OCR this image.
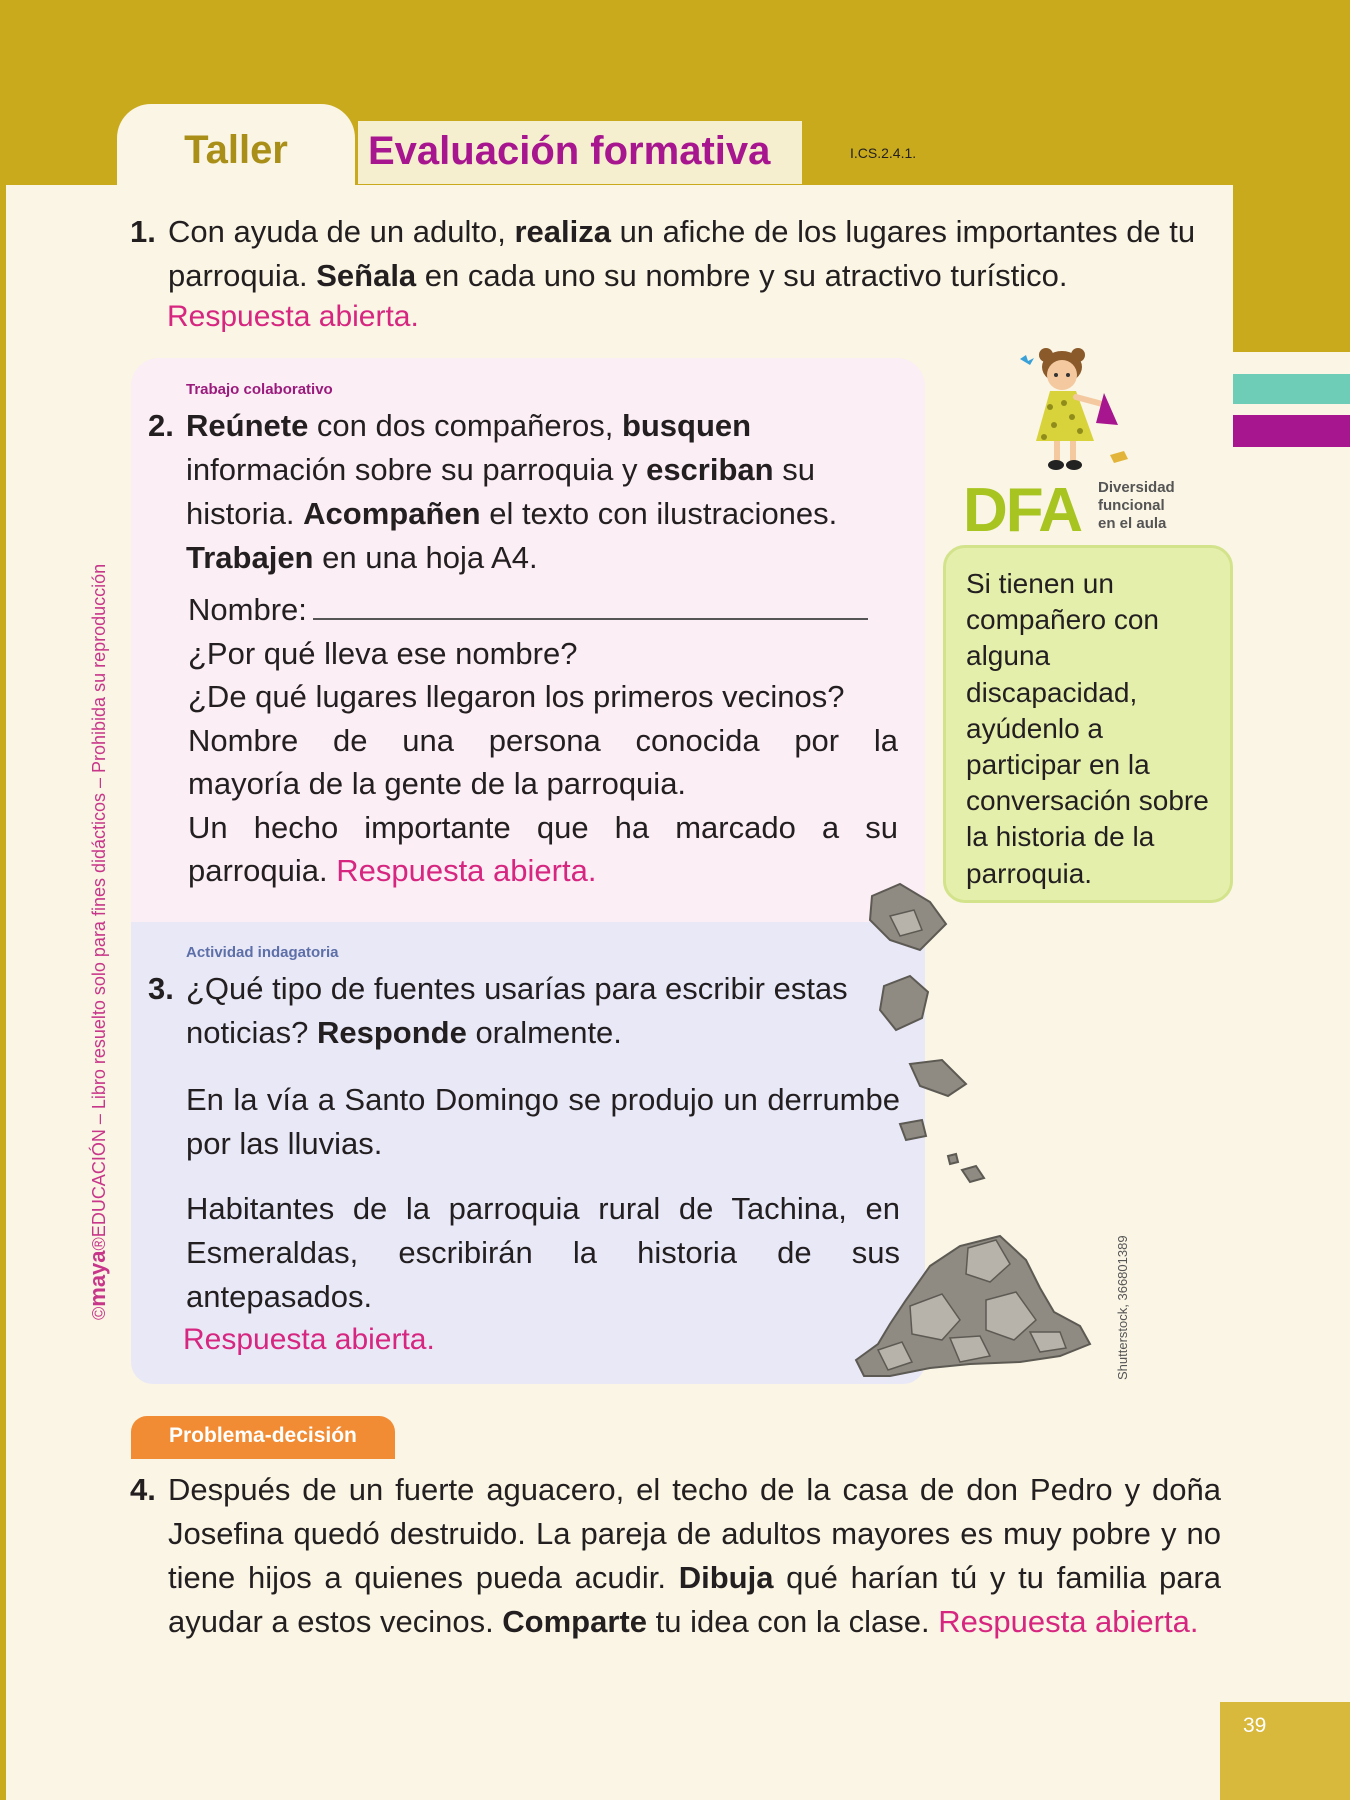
Taller	Evaluación formativa	I.CS.2.4.1.
©maya®EDUCACIÓN – Libro resuelto solo para fines didácticos – Prohibida su reproducción
1. Con ayuda de un adulto, realiza un afiche de los lugares importantes de tu parroquia. Señala en cada uno su nombre y su atractivo turístico.
Respuesta abierta.
Trabajo colaborativo
2. Reúnete con dos compañeros, busquen información sobre su parroquia y escriban su historia. Acompañen el texto con ilustraciones. Trabajen en una hoja A4.
Nombre:
¿Por qué lleva ese nombre?
¿De qué lugares llegaron los primeros vecinos?
Nombre de una persona conocida por la
mayoría de la gente de la parroquia.
Un hecho importante que ha marcado a su
parroquia. Respuesta abierta.
Actividad indagatoria
3. ¿Qué tipo de fuentes usarías para escribir estas noticias? Responde oralmente.
En la vía a Santo Domingo se produjo un derrumbe por las lluvias.
Habitantes de la parroquia rural de Tachina, en Esmeraldas, escribirán la historia de sus antepasados.
Respuesta abierta.
DFA Diversidad
funcional
en el aula
Si tienen un compañero con alguna discapacidad, ayúdenlo a participar en la conversación sobre la historia de la parroquia.
Shutterstock, 366801389
Problema-decisión
4. Después de un fuerte aguacero, el techo de la casa de don Pedro y doña Josefina quedó destruido. La pareja de adultos mayores es muy pobre y no tiene hijos a quienes pueda acudir. Dibuja qué harían tú y tu familia para ayudar a estos vecinos. Comparte tu idea con la clase. Respuesta abierta.
39
